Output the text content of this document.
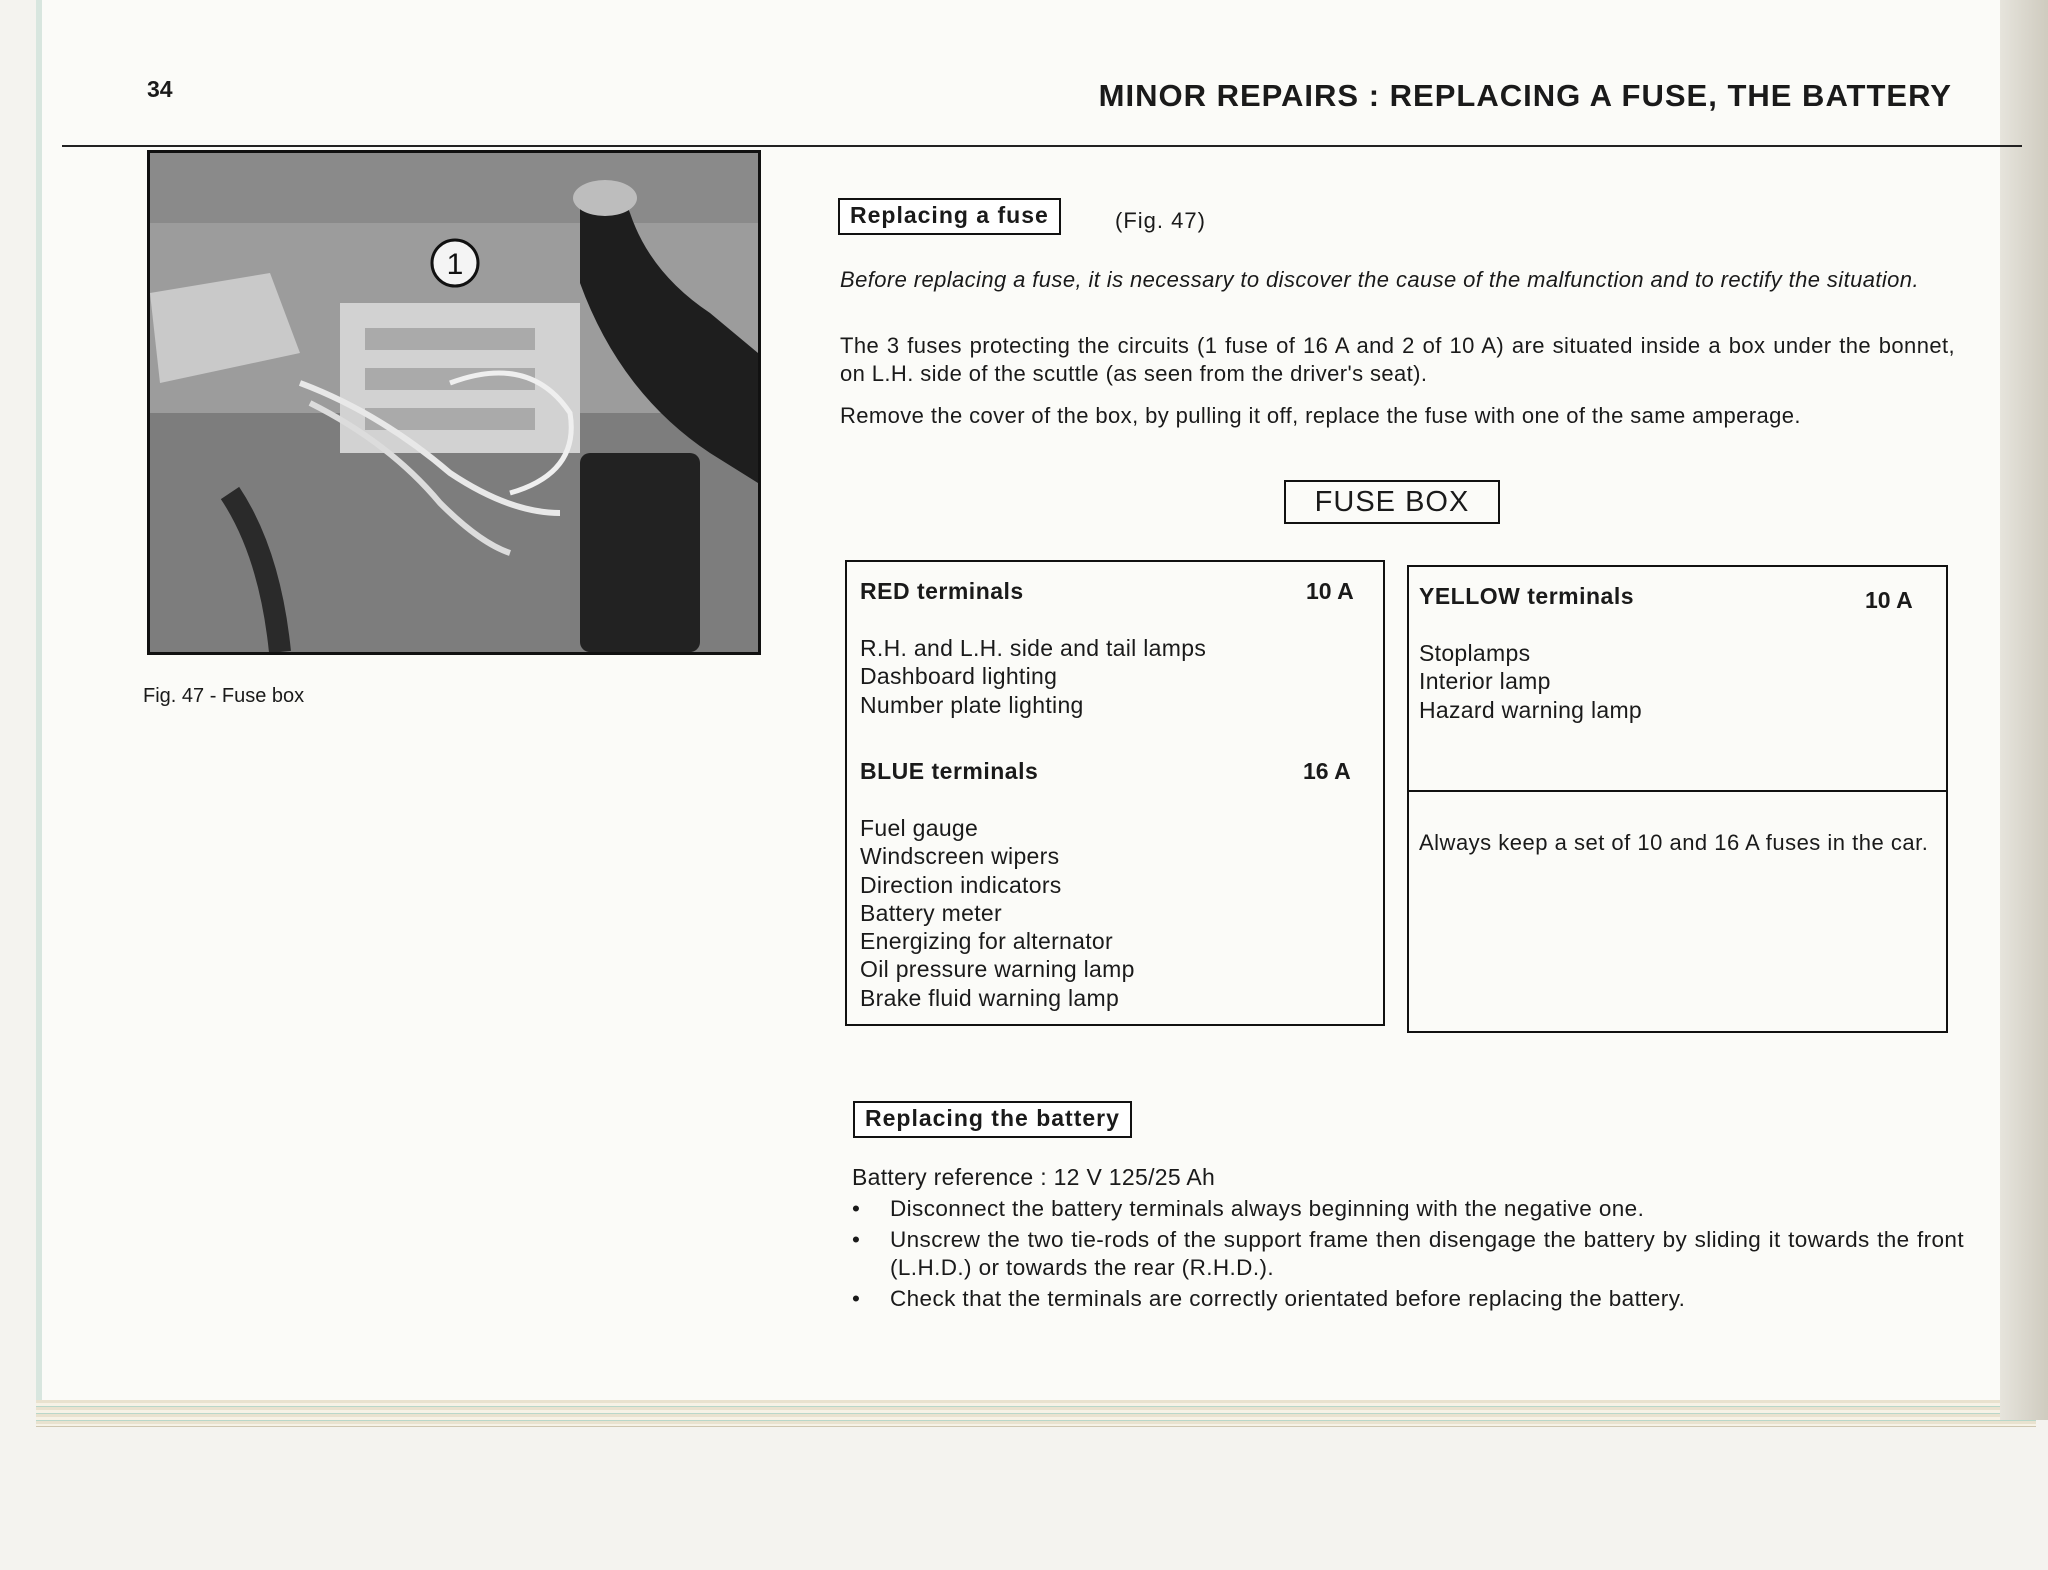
34	MINOR REPAIRS : REPLACING A FUSE, THE BATTERY
1
Fig. 47 - Fuse box
Replacing a fuse	(Fig. 47)
Before replacing a fuse, it is necessary to discover the cause of the malfunction and to rectify the situation.
The 3 fuses protecting the circuits (1 fuse of 16 A and 2 of 10 A) are situated inside a box under the bonnet, on L.H. side of the scuttle (as seen from the driver's seat).
Remove the cover of the box, by pulling it off, replace the fuse with one of the same amperage.
FUSE BOX
RED terminals	10 A
R.H. and L.H. side and tail lamps
Dashboard lighting
Number plate lighting
BLUE terminals	16 A
Fuel gauge
Windscreen wipers
Direction indicators
Battery meter
Energizing for alternator
Oil pressure warning lamp
Brake fluid warning lamp
YELLOW terminals	10 A
Stoplamps
Interior lamp
Hazard warning lamp
Always keep a set of 10 and 16 A fuses in the car.
Replacing the battery
Battery reference : 12 V 125/25 Ah
• Disconnect the battery terminals always beginning with the negative one.
• Unscrew the two tie-rods of the support frame then disengage the battery by sliding it towards the front (L.H.D.) or towards the rear (R.H.D.).
• Check that the terminals are correctly orientated before replacing the battery.
